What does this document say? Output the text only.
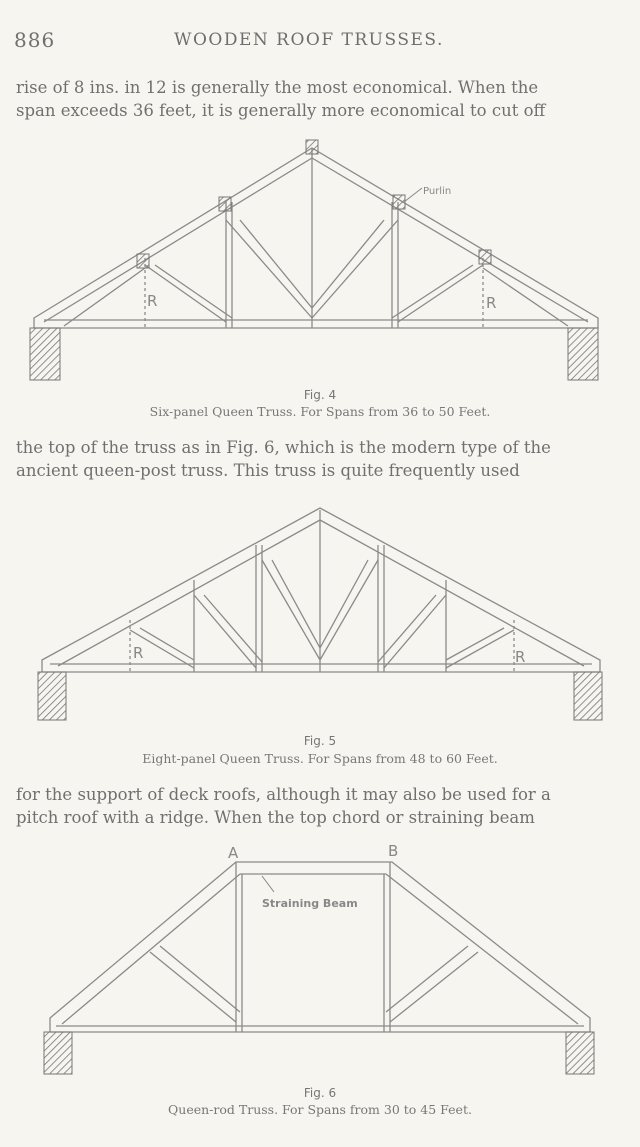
886	WOODEN ROOF TRUSSES.
rise of 8 ins. in 12 is generally the most economical. When the
span exceeds 36 feet, it is generally more economical to cut off
Purlin
R	R
Fig. 4
Six-panel Queen Truss. For Spans from 36 to 50 Feet.
the top of the truss as in Fig. 6, which is the modern type of the
ancient queen-post truss. This truss is quite frequently used
R	R
Fig. 5
Eight-panel Queen Truss. For Spans from 48 to 60 Feet.
for the support of deck roofs, although it may also be used for a
pitch roof with a ridge. When the top chord or straining beam
A	B
Straining Beam
Fig. 6
Queen-rod Truss. For Spans from 30 to 45 Feet.
